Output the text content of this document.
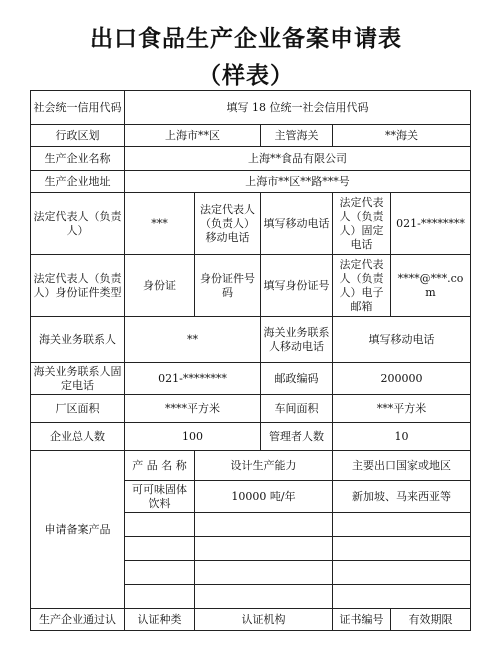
出口食品生产企业备案申请表
（样表）
社会统一信用代码	填写 18 位统一社会信用代码				
行政区划	上海市**区		主管海关	**海关	
生产企业名称	上海**食品有限公司				
生产企业地址	上海市**区**路***号				
法定代表人（负责人）	***	法定代表人（负责人）移动电话	填写移动电话	法定代表人（负责人）固定电话	021-********
法定代表人（负责人）身份证件类型	身份证	身份证件号码	填写身份证号	法定代表人（负责人）电子邮箱	****@***.com
海关业务联系人	**		海关业务联系人移动电话	填写移动电话	
海关业务联系人固定电话	021-********		邮政编码	200000	
厂区面积	****平方米		车间面积	***平方米	
企业总人数	100		管理者人数	10	
申请备案产品	产 品 名 称	设计生产能力		主要出口国家或地区	
	可可味固体饮料	10000 吨/年		新加坡、马来西亚等	

生产企业通过认	认证种类	认证机构		证书编号	有效期限
